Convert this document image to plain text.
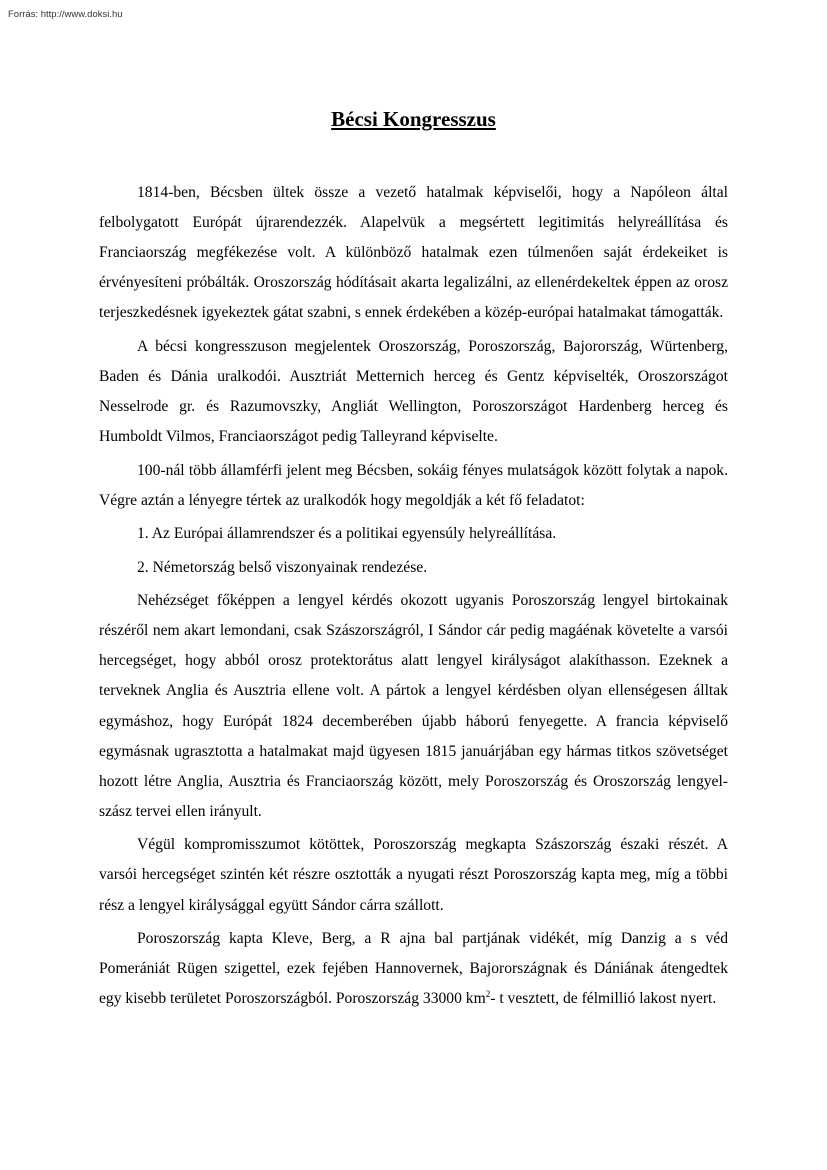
Forrás: http://www.doksi.hu
Bécsi Kongresszus

1814-ben, Bécsben ültek össze a vezető hatalmak képviselői, hogy a Napóleon által felbolygatott Európát újrarendezzék. Alapelvük a megsértett legitimitás helyreállítása és Franciaország megfékezése volt. A különböző hatalmak ezen túlmenően saját érdekeiket is érvényesíteni próbálták. Oroszország hódításait akarta legalizálni, az ellenérdekeltek éppen az orosz terjeszkedésnek igyekeztek gátat szabni, s ennek érdekében a közép-európai hatalmakat támogatták.

A bécsi kongresszuson megjelentek Oroszország, Poroszország, Bajorország, Würtenberg, Baden és Dánia uralkodói. Ausztriát Metternich herceg és Gentz képviselték, Oroszországot Nesselrode gr. és Razumovszky, Angliát Wellington, Poroszországot Hardenberg herceg és Humboldt Vilmos, Franciaországot pedig Talleyrand képviselte.

100-nál több államférfi jelent meg Bécsben, sokáig fényes mulatságok között folytak a napok. Végre aztán a lényegre tértek az uralkodók hogy megoldják a két fő feladatot:

1. Az Európai államrendszer és a politikai egyensúly helyreállítása.

2. Németország belső viszonyainak rendezése.

Nehézséget főképpen a lengyel kérdés okozott ugyanis Poroszország lengyel birtokainak részéről nem akart lemondani, csak Szászországról, I Sándor cár pedig magáénak követelte a varsói hercegséget, hogy abból orosz protektorátus alatt lengyel királyságot alakíthasson. Ezeknek a terveknek Anglia és Ausztria ellene volt. A pártok a lengyel kérdésben olyan ellenségesen álltak egymáshoz, hogy Európát 1824 decemberében újabb háború fenyegette. A francia képviselő egymásnak ugrasztotta a hatalmakat majd ügyesen 1815 januárjában egy hármas titkos szövetséget hozott létre Anglia, Ausztria és Franciaország között, mely Poroszország és Oroszország lengyel-szász tervei ellen irányult.

Végül kompromisszumot kötöttek, Poroszország megkapta Szászország északi részét. A varsói hercegséget szintén két részre osztották a nyugati részt Poroszország kapta meg, míg a többi rész a lengyel királysággal együtt Sándor cárra szállott.

Poroszország kapta Kleve, Berg, a R ajna bal partjának vidékét, míg Danzig a s véd Pomerániát Rügen szigettel, ezek fejében Hannovernek, Bajorországnak és Dániának átengedtek egy kisebb területet Poroszországból. Poroszország 33000 $km^2-$ t vesztett, de félmillió lakost nyert.
